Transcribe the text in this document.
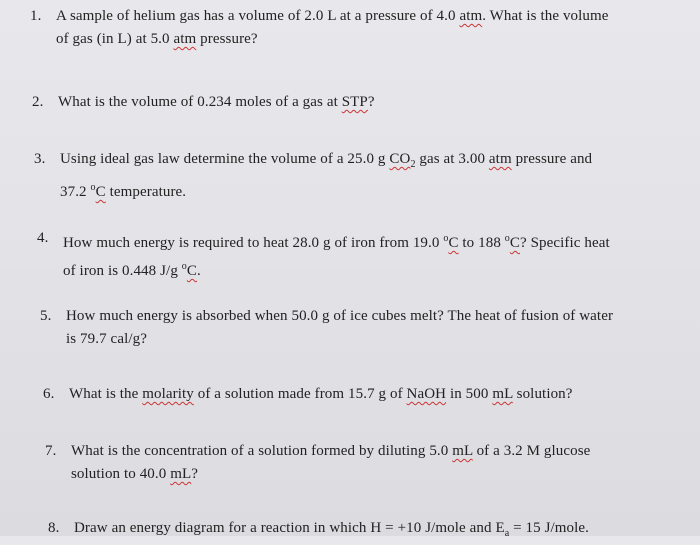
1. A sample of helium gas has a volume of 2.0 L at a pressure of 4.0 atm. What is the volume
of gas (in L) at 5.0 atm pressure?
2. What is the volume of 0.234 moles of a gas at STP?
3. Using ideal gas law determine the volume of a 25.0 g $CO_2$ gas at 3.00 atm pressure and
37.2 $^o$C temperature.
4. How much energy is required to heat 28.0 g of iron from 19.0 $^o$C to 188 $^o$C? Specific heat
of iron is 0.448 J/g $^o$C.
5. How much energy is absorbed when 50.0 g of ice cubes melt? The heat of fusion of water
is 79.7 cal/g?
6. What is the molarity of a solution made from 15.7 g of NaOH in 500 mL solution?
7. What is the concentration of a solution formed by diluting 5.0 mL of a 3.2 M glucose
solution to 40.0 mL?
8. Draw an energy diagram for a reaction in which H = +10 J/mole and $E_a = 15$ J/mole.
